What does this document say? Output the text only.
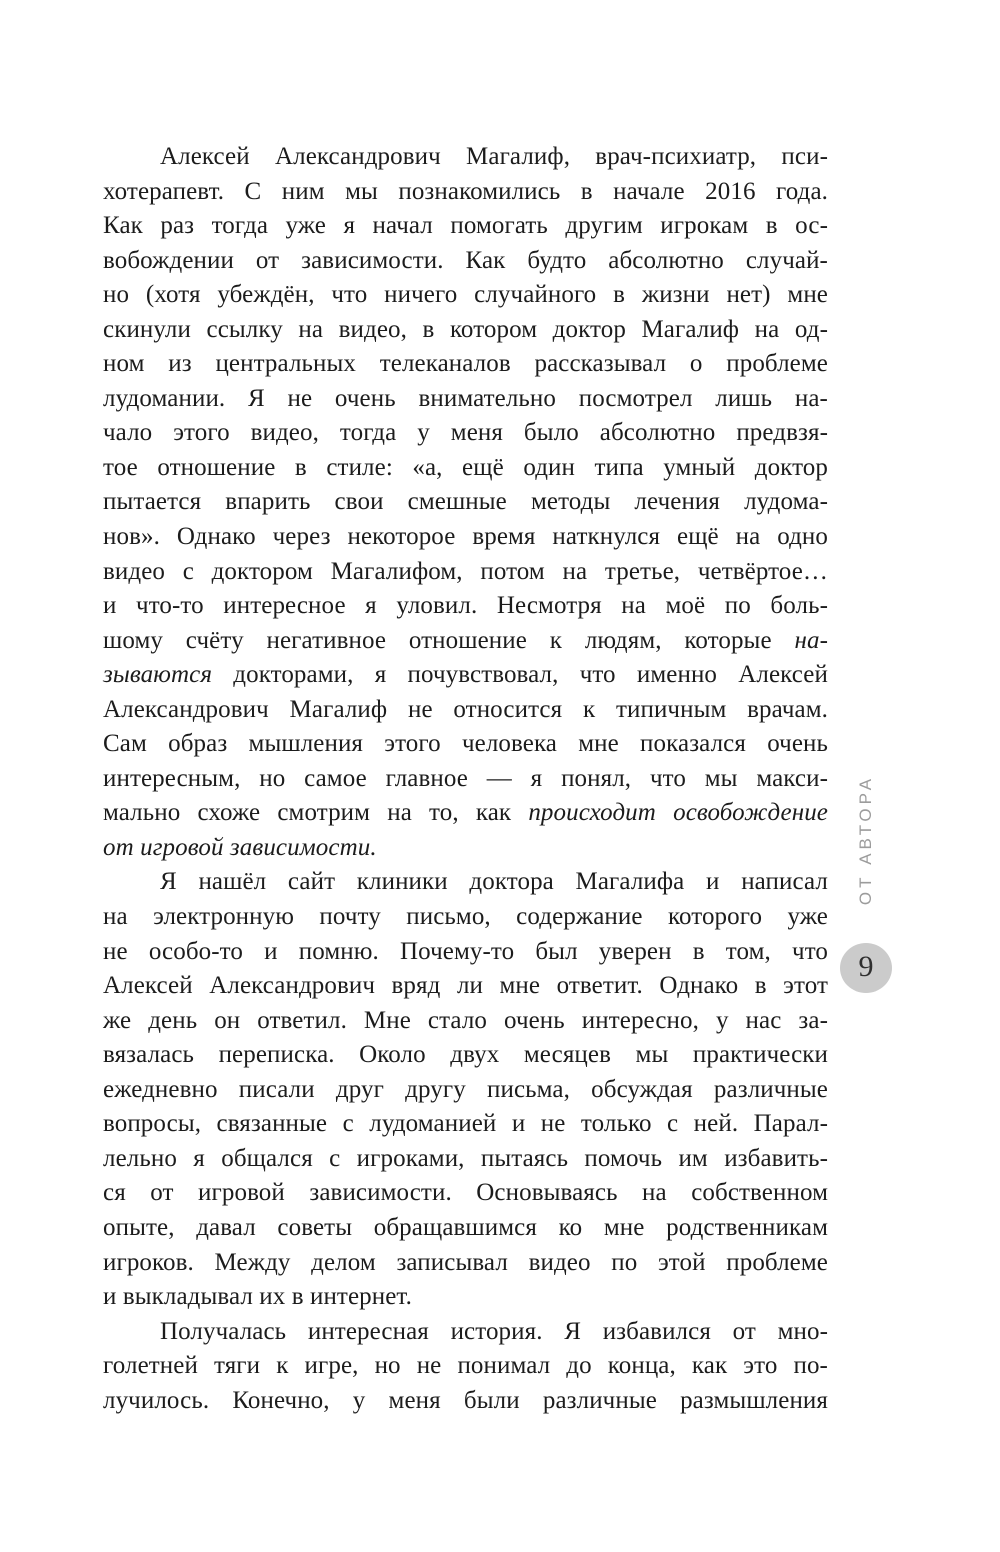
Алексей Александрович Магалиф, врач-психиатр, пси-
хотерапевт. С ним мы познакомились в начале 2016 года.
Как раз тогда уже я начал помогать другим игрокам в ос-
вобождении от зависимости. Как будто абсолютно случай-
но (хотя убеждён, что ничего случайного в жизни нет) мне
скинули ссылку на видео, в котором доктор Магалиф на од-
ном из центральных телеканалов рассказывал о проблеме
лудомании. Я не очень внимательно посмотрел лишь на-
чало этого видео, тогда у меня было абсолютно предвзя-
тое отношение в стиле: «а, ещё один типа умный доктор
пытается впарить свои смешные методы лечения лудома-
нов». Однако через некоторое время наткнулся ещё на одно
видео с доктором Магалифом, потом на третье, четвёртое…
и что-то интересное я уловил. Несмотря на моё по боль-
шому счёту негативное отношение к людям, которые на-
зываются докторами, я почувствовал, что именно Алексей
Александрович Магалиф не относится к типичным врачам.
Сам образ мышления этого человека мне показался очень
интересным, но самое главное — я понял, что мы макси-
мально схоже смотрим на то, как происходит освобождение
от игровой зависимости.
Я нашёл сайт клиники доктора Магалифа и написал
на электронную почту письмо, содержание которого уже
не особо-то и помню. Почему-то был уверен в том, что
Алексей Александрович вряд ли мне ответит. Однако в этот
же день он ответил. Мне стало очень интересно, у нас за-
вязалась переписка. Около двух месяцев мы практически
ежедневно писали друг другу письма, обсуждая различные
вопросы, связанные с лудоманией и не только с ней. Парал-
лельно я общался с игроками, пытаясь помочь им избавить-
ся от игровой зависимости. Основываясь на собственном
опыте, давал советы обращавшимся ко мне родственникам
игроков. Между делом записывал видео по этой проблеме
и выкладывал их в интернет.
Получалась интересная история. Я избавился от мно-
голетней тяги к игре, но не понимал до конца, как это по-
лучилось. Конечно, у меня были различные размышления
ОТ АВТОРА
9
